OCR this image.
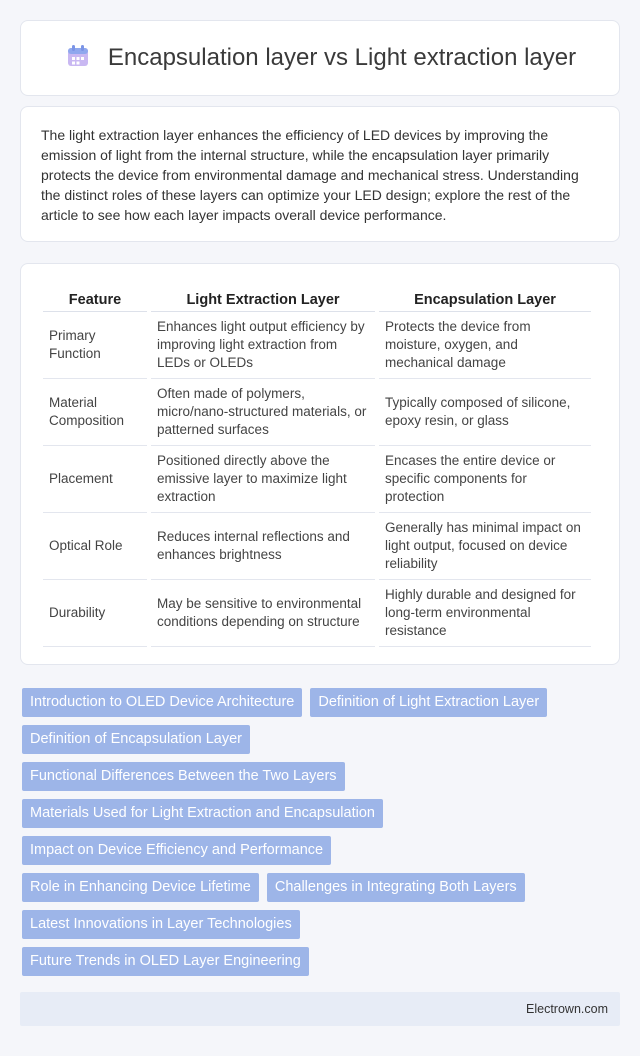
Encapsulation layer vs Light extraction layer

The light extraction layer enhances the efficiency of LED devices by improving the emission of light from the internal structure, while the encapsulation layer primarily protects the device from environmental damage and mechanical stress. Understanding the distinct roles of these layers can optimize your LED design; explore the rest of the article to see how each layer impacts overall device performance.

Feature	Light Extraction Layer	Encapsulation Layer
Primary Function	Enhances light output efficiency by improving light extraction from LEDs or OLEDs	Protects the device from moisture, oxygen, and mechanical damage
Material Composition	Often made of polymers, micro/nano-structured materials, or patterned surfaces	Typically composed of silicone, epoxy resin, or glass
Placement	Positioned directly above the emissive layer to maximize light extraction	Encases the entire device or specific components for protection
Optical Role	Reduces internal reflections and enhances brightness	Generally has minimal impact on light output, focused on device reliability
Durability	May be sensitive to environmental conditions depending on structure	Highly durable and designed for long-term environmental resistance
Introduction to OLED Device Architecture	Definition of Light Extraction Layer
Definition of Encapsulation Layer
Functional Differences Between the Two Layers
Materials Used for Light Extraction and Encapsulation
Impact on Device Efficiency and Performance
Role in Enhancing Device Lifetime	Challenges in Integrating Both Layers
Latest Innovations in Layer Technologies
Future Trends in OLED Layer Engineering
Electrown.com
